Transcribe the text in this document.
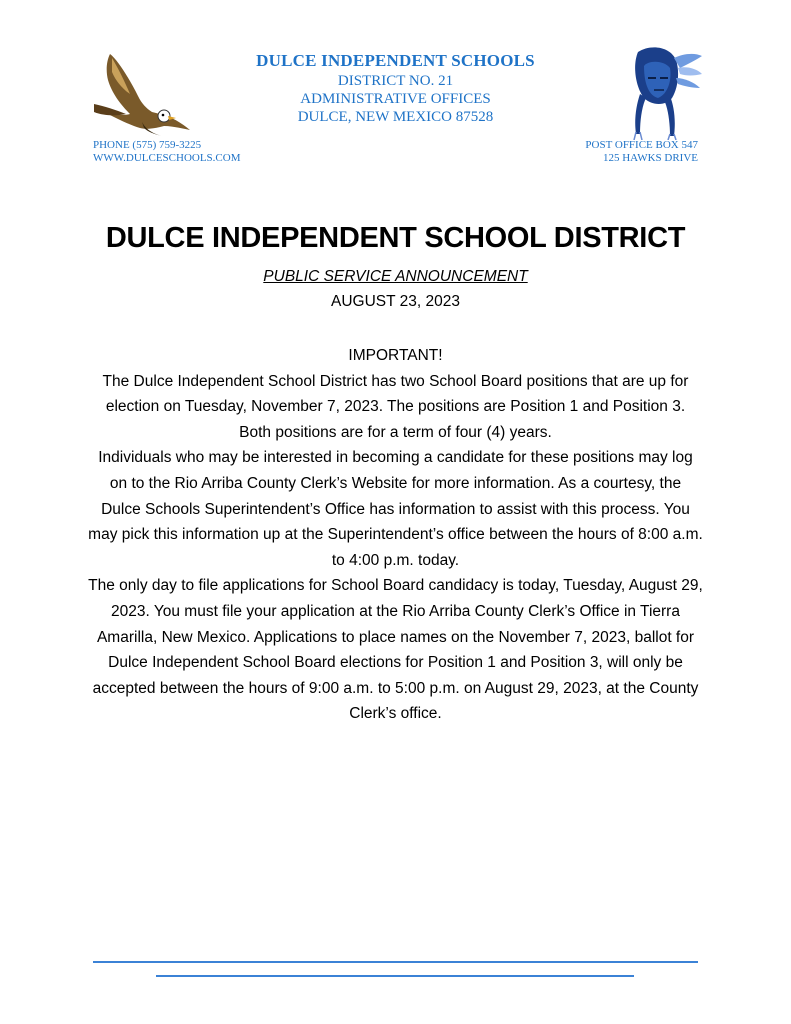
DULCE INDEPENDENT SCHOOLS
DISTRICT NO. 21
ADMINISTRATIVE OFFICES
DULCE, NEW MEXICO 87528
PHONE (575) 759-3225
WWW.DULCESCHOOLS.COM
POST OFFICE BOX 547
125 HAWKS DRIVE
DULCE INDEPENDENT SCHOOL DISTRICT
PUBLIC SERVICE ANNOUNCEMENT
AUGUST 23, 2023

IMPORTANT!

The Dulce Independent School District has two School Board positions that are up for election on Tuesday, November 7, 2023. The positions are Position 1 and Position 3. Both positions are for a term of four (4) years.

Individuals who may be interested in becoming a candidate for these positions may log on to the Rio Arriba County Clerk’s Website for more information. As a courtesy, the Dulce Schools Superintendent’s Office has information to assist with this process. You may pick this information up at the Superintendent’s office between the hours of 8:00 a.m. to 4:00 p.m. today.

The only day to file applications for School Board candidacy is today, Tuesday, August 29, 2023. You must file your application at the Rio Arriba County Clerk’s Office in Tierra Amarilla, New Mexico. Applications to place names on the November 7, 2023, ballot for Dulce Independent School Board elections for Position 1 and Position 3, will only be accepted between the hours of 9:00 a.m. to 5:00 p.m. on August 29, 2023, at the County Clerk’s office.
